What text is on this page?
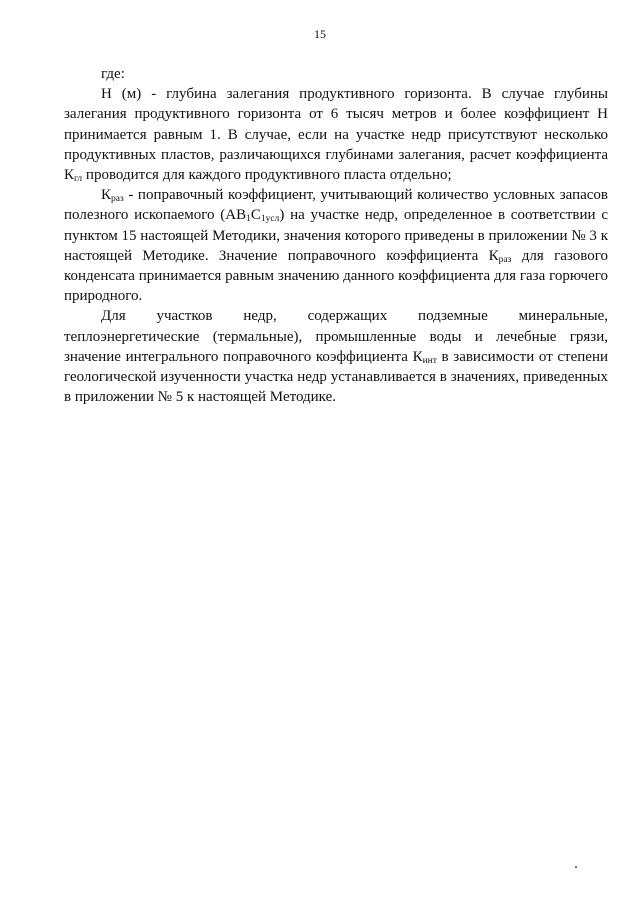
15

где:

Н (м) - глубина залегания продуктивного горизонта. В случае глубины залегания продуктивного горизонта от 6 тысяч метров и более коэффициент Н принимается равным 1. В случае, если на участке недр присутствуют несколько продуктивных пластов, различающихся глубинами залегания, расчет коэффициента $К_{гл}$ проводится для каждого продуктивного пласта отдельно;

$К_{раз}$ - поправочный коэффициент, учитывающий количество условных запасов полезного ископаемого $(АВ_1С_{1усл})$ на участке недр, определенное в соответствии с пунктом 15 настоящей Методики, значения которого приведены в приложении № 3 к настоящей Методике. Значение поправочного коэффициента $К_{раз}$ для газового конденсата принимается равным значению данного коэффициента для газа горючего природного.

Для участков недр, содержащих подземные минеральные,

теплоэнергетические (термальные), промышленные воды и лечебные грязи, значение интегрального поправочного коэффициента $К_{инт}$ в зависимости от степени геологической изученности участка недр устанавливается в значениях, приведенных в приложении № 5 к настоящей Методике.
